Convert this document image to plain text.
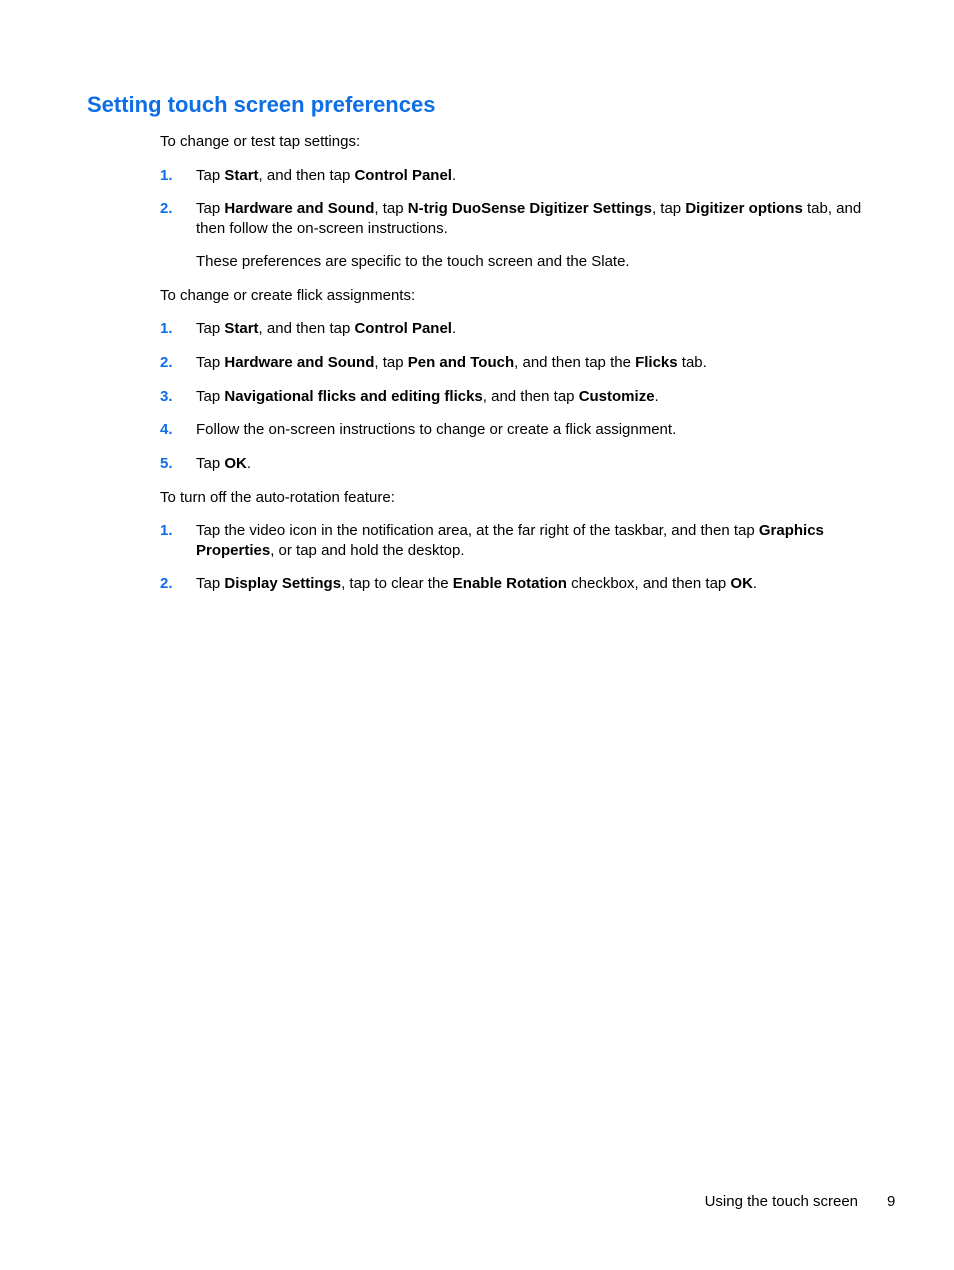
Setting touch screen preferences

To change or test tap settings:

1.	Tap Start, and then tap Control Panel.
2.	Tap Hardware and Sound, tap N-trig DuoSense Digitizer Settings, tap Digitizer options tab, and then follow the on-screen instructions.

These preferences are specific to the touch screen and the Slate.

To change or create flick assignments:

1.	Tap Start, and then tap Control Panel.
2.	Tap Hardware and Sound, tap Pen and Touch, and then tap the Flicks tab.
3.	Tap Navigational flicks and editing flicks, and then tap Customize.
4.	Follow the on-screen instructions to change or create a flick assignment.
5.	Tap OK.

To turn off the auto-rotation feature:

1.	Tap the video icon in the notification area, at the far right of the taskbar, and then tap Graphics Properties, or tap and hold the desktop.
2.	Tap Display Settings, tap to clear the Enable Rotation checkbox, and then tap OK.
Using the touch screen 9
